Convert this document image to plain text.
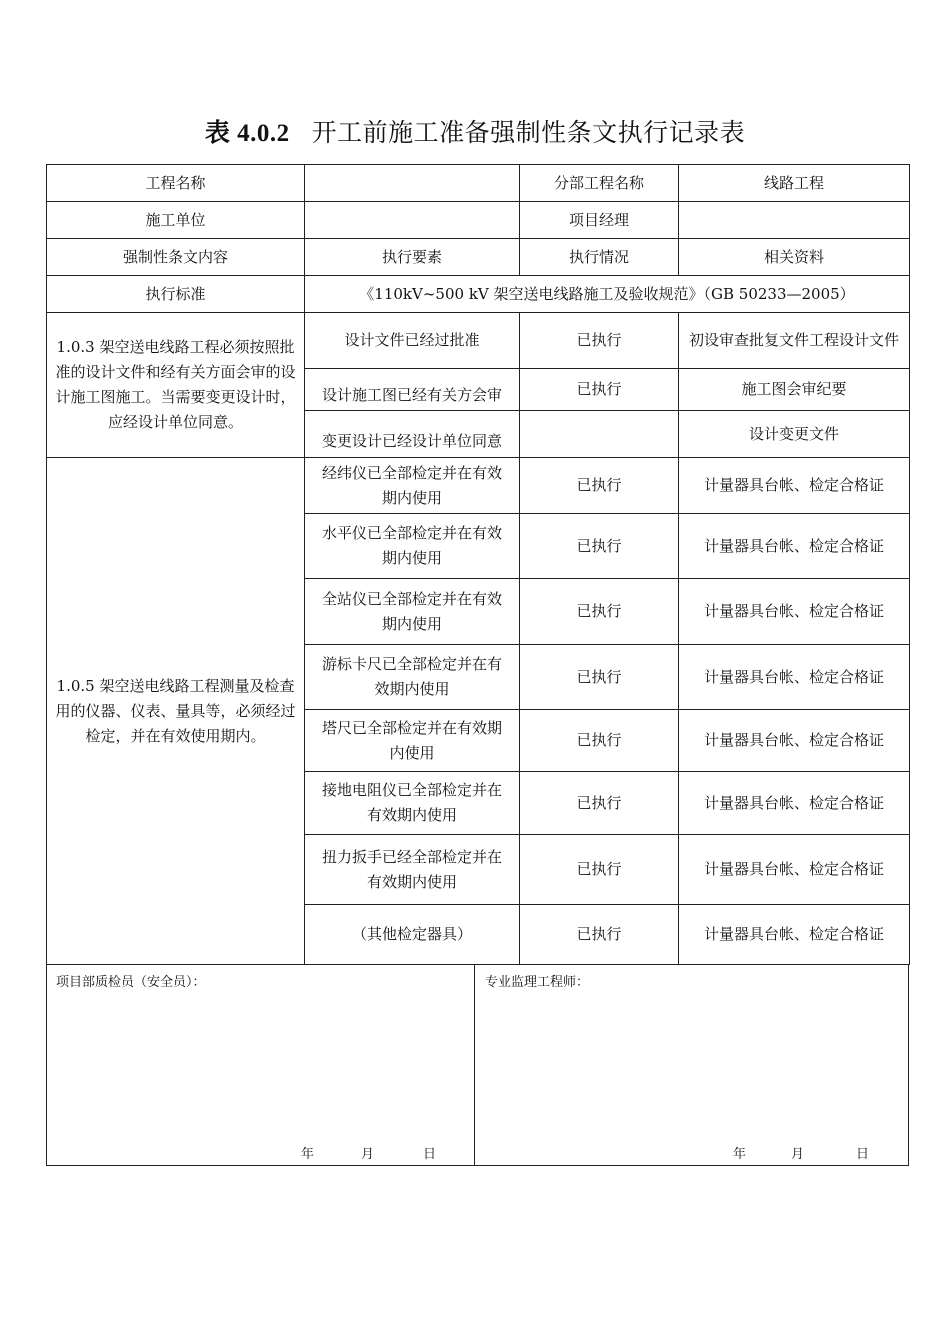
表 4.0.2 开工前施工准备强制性条文执行记录表
工程名称		分部工程名称	线路工程
施工单位		项目经理	
强制性条文内容	执行要素	执行情况	相关资料
执行标准	《110kV~500 kV 架空送电线路施工及验收规范》（GB 50233—2005）		
1.0.3 架空送电线路工程必须按照批准的设计文件和经有关方面会审的设计施工图施工。当需要变更设计时，应经设计单位同意。	设计文件已经过批准	已执行	初设审查批复文件工程设计文件
	设计施工图已经有关方会审	已执行	施工图会审纪要
	变更设计已经设计单位同意		设计变更文件
1.0.5 架空送电线路工程测量及检查用的仪器、仪表、量具等，必须经过检定，并在有效使用期内。	经纬仪已全部检定并在有效期内使用	已执行	计量器具台帐、检定合格证
	水平仪已全部检定并在有效期内使用	已执行	计量器具台帐、检定合格证
	全站仪已全部检定并在有效期内使用	已执行	计量器具台帐、检定合格证
	游标卡尺已全部检定并在有效期内使用	已执行	计量器具台帐、检定合格证
	塔尺已全部检定并在有效期内使用	已执行	计量器具台帐、检定合格证
	接地电阻仪已全部检定并在有效期内使用	已执行	计量器具台帐、检定合格证
	扭力扳手已经全部检定并在有效期内使用	已执行	计量器具台帐、检定合格证
	（其他检定器具）	已执行	计量器具台帐、检定合格证
项目部质检员（安全员）：
年	月	日
专业监理工程师：
年	月	日
